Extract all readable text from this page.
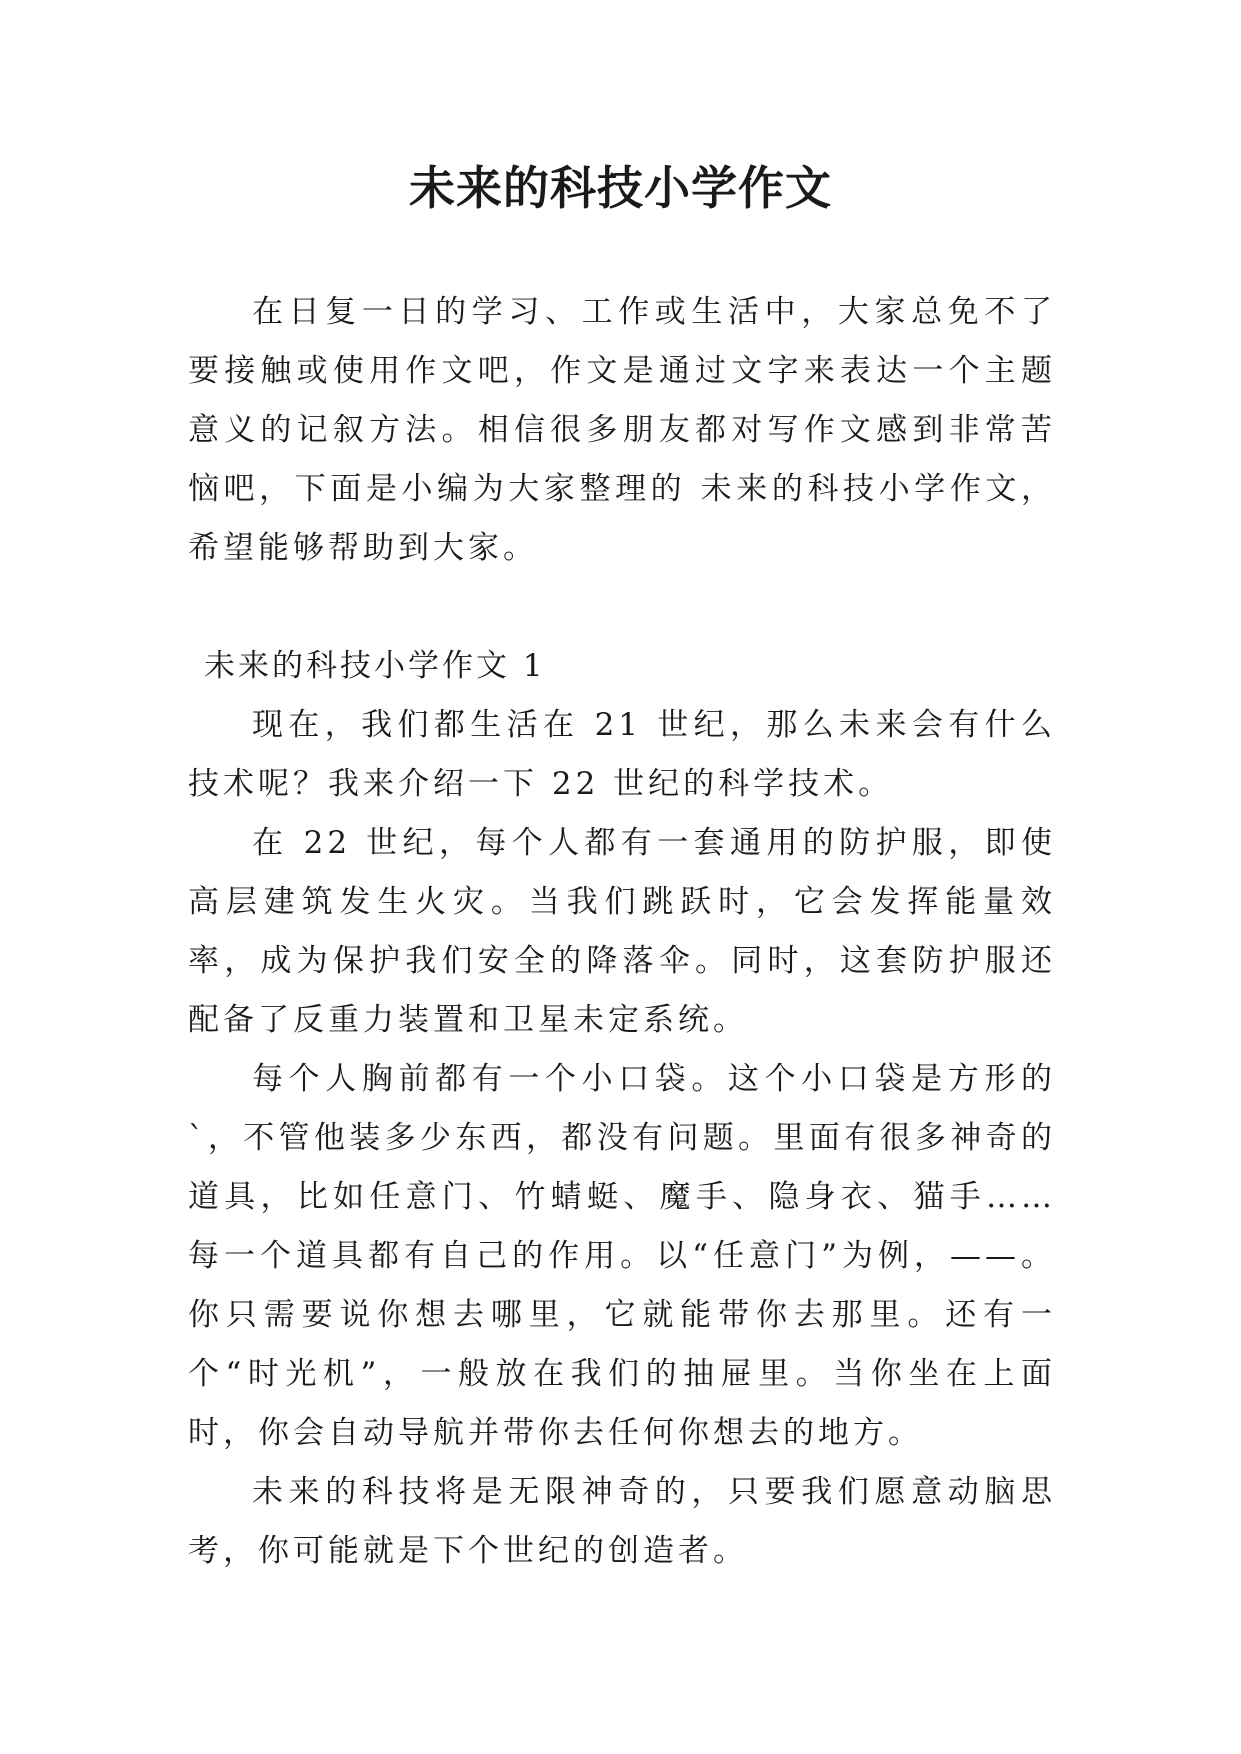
未来的科技小学作文

在日复一日的学习、工作或生活中，大家总免不了要接触或使用作文吧，作文是通过文字来表达一个主题意义的记叙方法。相信很多朋友都对写作文感到非常苦恼吧，下面是小编为大家整理的 未来的科技小学作文，希望能够帮助到大家。

未来的科技小学作文 1

现在，我们都生活在 21 世纪，那么未来会有什么技术呢？我来介绍一下 22 世纪的科学技术。

在 22 世纪，每个人都有一套通用的防护服，即使高层建筑发生火灾。当我们跳跃时，它会发挥能量效率，成为保护我们安全的降落伞。同时，这套防护服还配备了反重力装置和卫星未定系统。

每个人胸前都有一个小口袋。这个小口袋是方形的`，不管他装多少东西，都没有问题。里面有很多神奇的道具，比如任意门、竹蜻蜓、魔手、隐身衣、猫手……每一个道具都有自己的作用。以“任意门”为例，——。你只需要说你想去哪里，它就能带你去那里。还有一个“时光机”，一般放在我们的抽屉里。当你坐在上面时，你会自动导航并带你去任何你想去的地方。

未来的科技将是无限神奇的，只要我们愿意动脑思考，你可能就是下个世纪的创造者。
